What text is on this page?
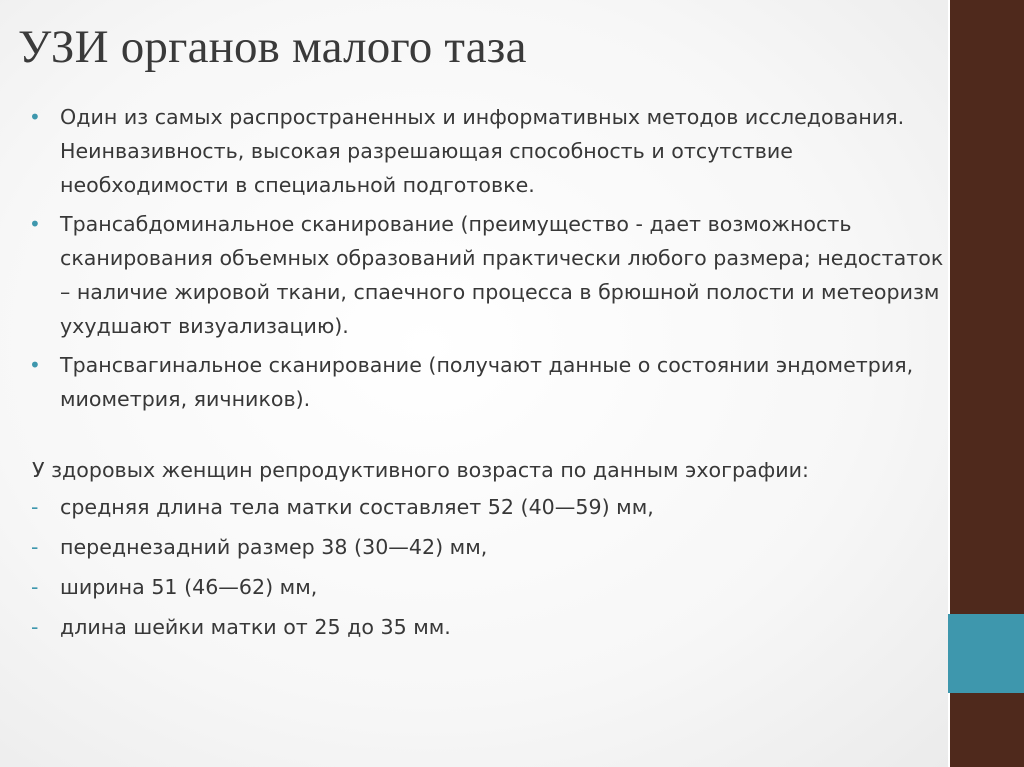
УЗИ органов малого таза
• Один из самых распространенных и информативных методов исследования. Неинвазивность, высокая разрешающая способность и отсутствие необходимости в специальной подготовке.
• Трансабдоминальное сканирование (преимущество - дает возможность сканирования объемных образований практически любого размера; недостаток – наличие жировой ткани, спаечного процесса в брюшной полости и метеоризм ухудшают визуализацию).
• Трансвагинальное сканирование (получают данные о состоянии эндометрия, миометрия, яичников).

У здоровых женщин репродуктивного возраста по данным эхографии:

- средняя длина тела матки составляет 52 (40—59) мм,
- переднезадний размер 38 (30—42) мм,
- ширина 51 (46—62) мм,
- длина шейки матки от 25 до 35 мм.
